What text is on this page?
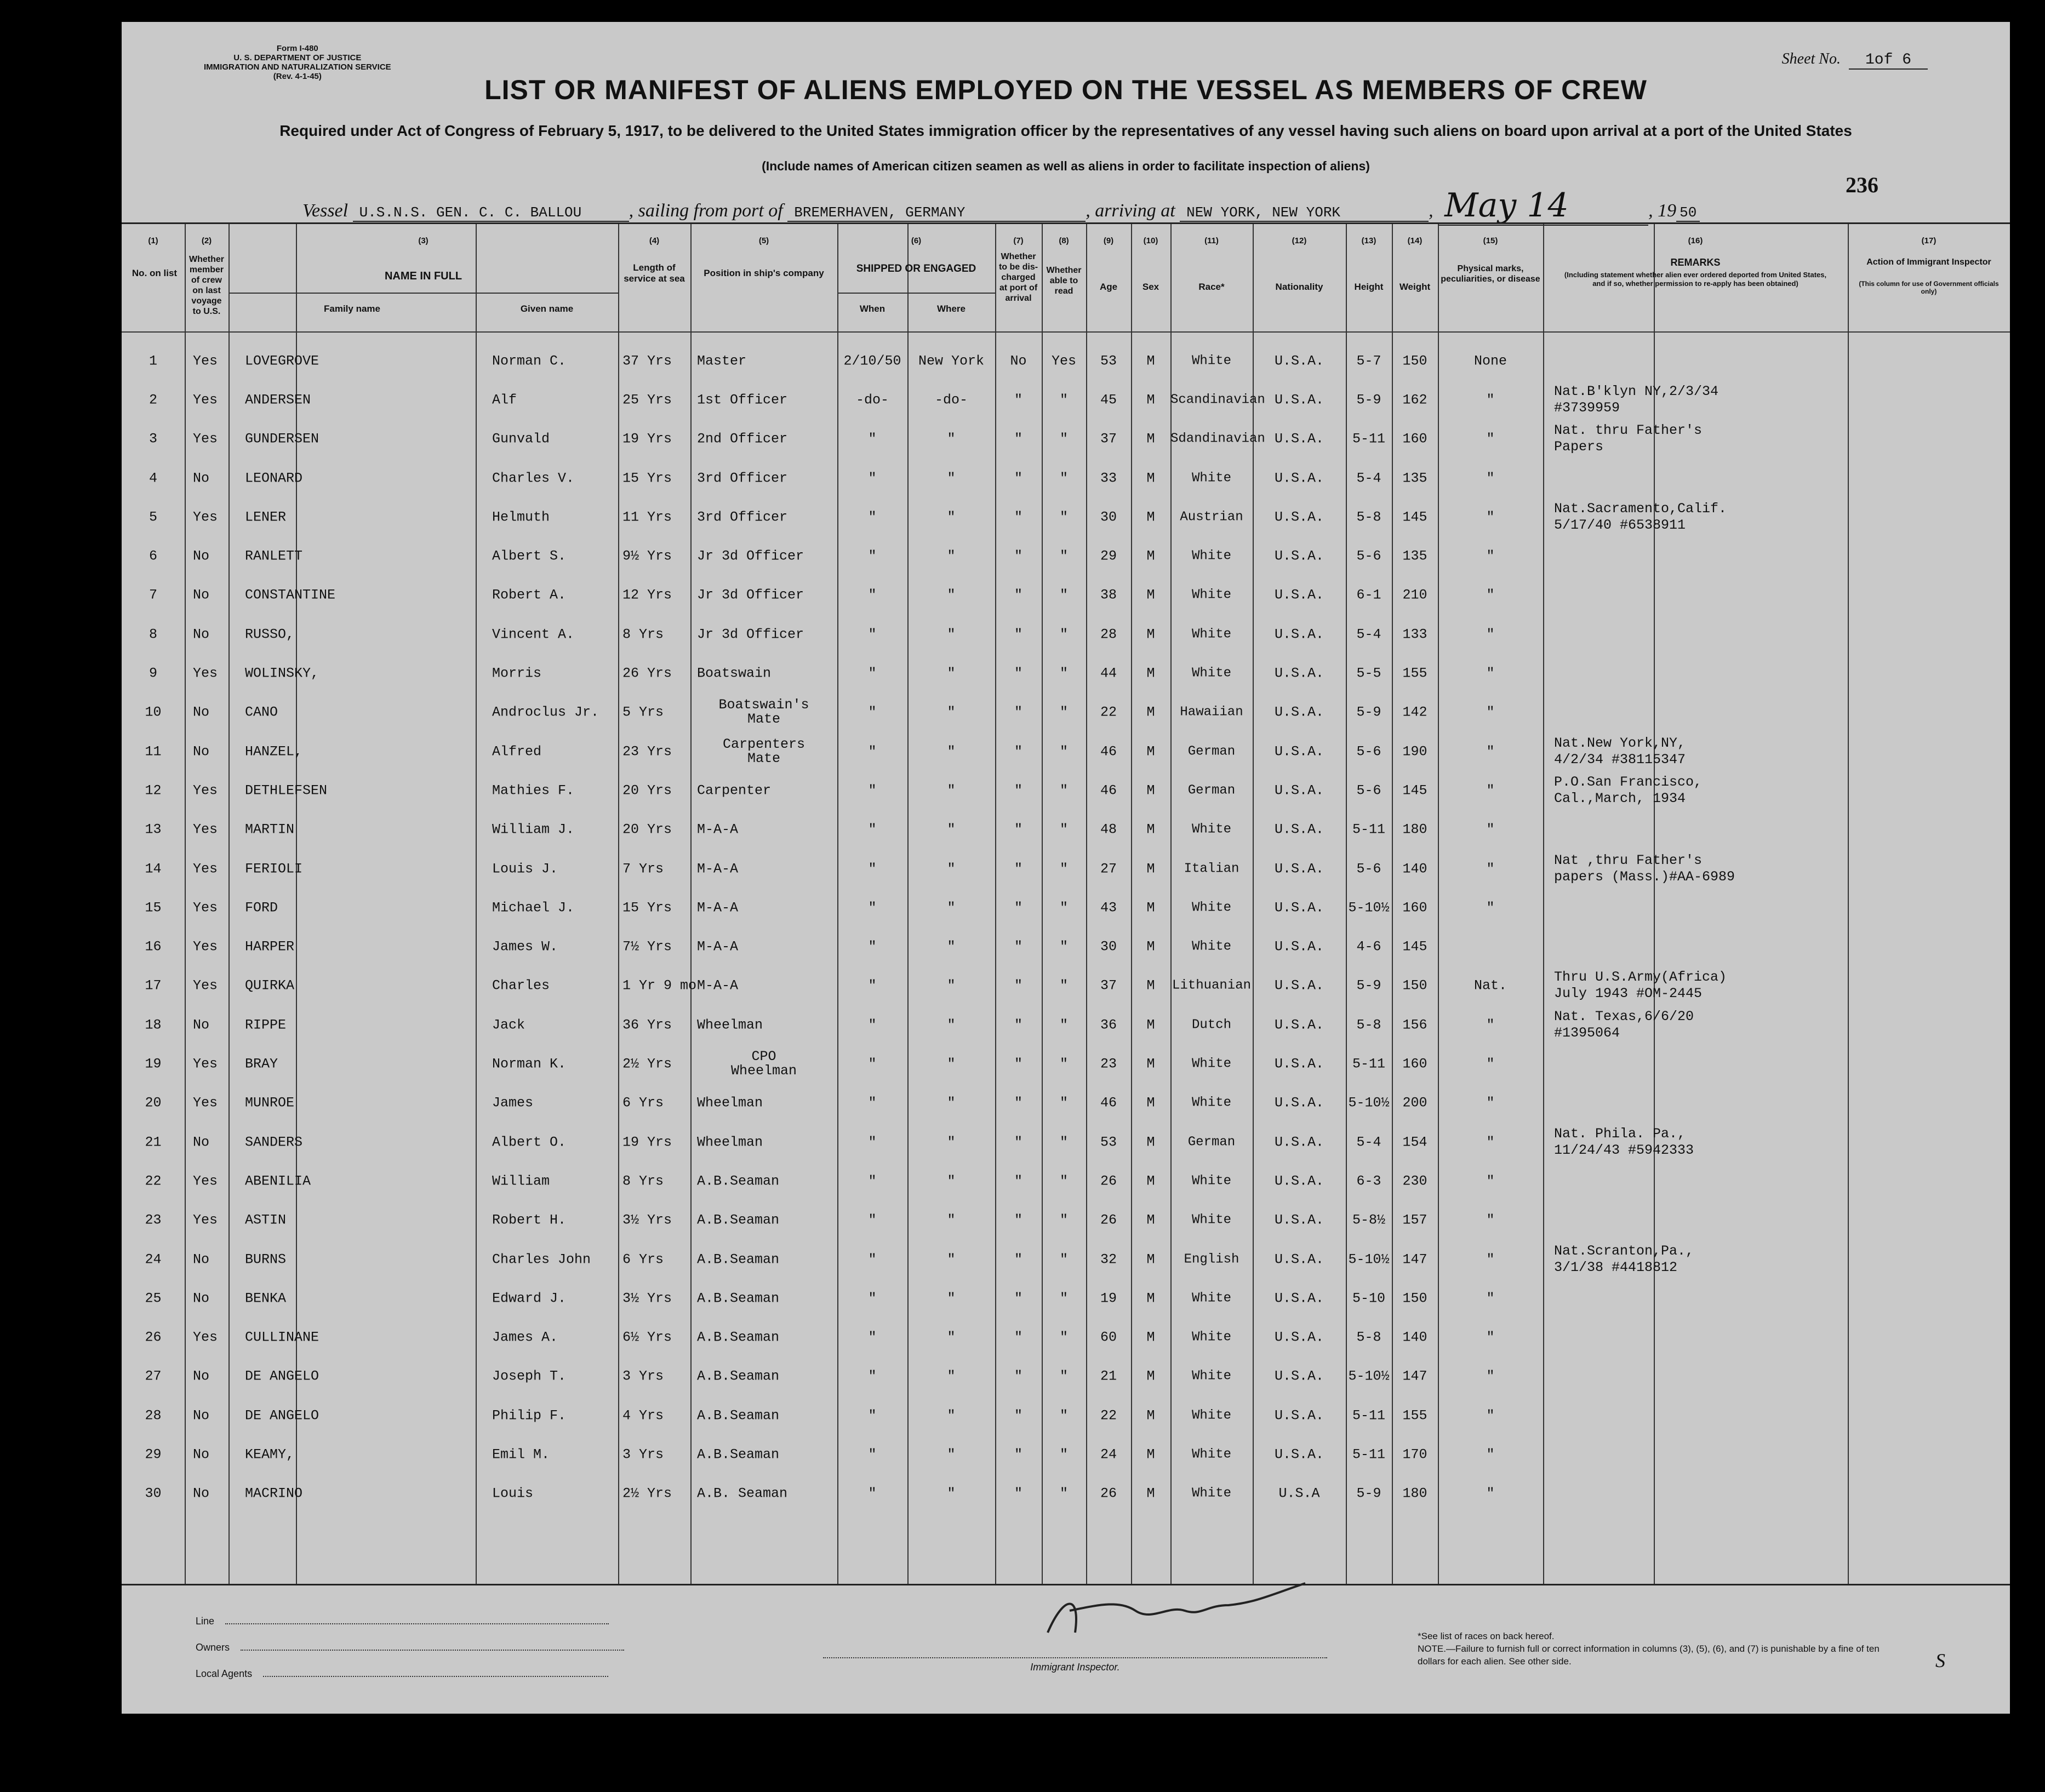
Form I-480
U. S. DEPARTMENT OF JUSTICE
IMMIGRATION AND NATURALIZATION SERVICE
(Rev. 4-1-45)
Sheet No. 1of 6
LIST OR MANIFEST OF ALIENS EMPLOYED ON THE VESSEL AS MEMBERS OF CREW
Required under Act of Congress of February 5, 1917, to be delivered to the United States immigration officer by the representatives of any vessel having such aliens on board upon arrival at a port of the United States
(Include names of American citizen seamen as well as aliens in order to facilitate inspection of aliens)
236
Vessel U.S.N.S. GEN. C. C. BALLOU	, sailing from port of BREMERHAVEN, GERMANY	, arriving at NEW YORK, NEW YORK	, May 14	, 19 50
(1)	(2)	(3)	(4)	(5)	(6)	(7)	(8)	(9)	(10)	(11)	(12)	(13)	(14)	(15)	(16)	(17)
No. on list
Whether member of crew on last voyage to U.S.
NAME IN FULL
Family name	Given name
Length of service at sea
Position in ship's company	SHIPPED OR ENGAGED
When	Where
Whether to be dis-charged at port of arrival
Whether able to read	Age	Sex	Race*	Nationality	Height	Weight
Physical marks, peculiarities, or disease
REMARKS
(Including statement whether alien ever ordered deported from United States, and if so, whether permission to re-apply has been obtained)
Action of Immigrant Inspector
(This column for use of Government officials only)
1	Yes LOVEGROVE	Norman C.	37 Yrs Master	2/10/50	New York	No	Yes	53	M	White	U.S.A.	5-7	150	None
2	Yes ANDERSEN	Alf	25 Yrs 1st Officer	-do-	-do-	"	"	45	M	Scandinavian U.S.A.	5-9	162	"
Nat.B'klyn NY,2/3/34
#3739959
3	Yes GUNDERSEN	Gunvald	19 Yrs 2nd Officer	"	"	"	"	37	M	Sdandinavian U.S.A.	5-11	160	"
Nat. thru Father's
Papers
4	No	LEONARD	Charles V.	15 Yrs 3rd Officer	"	"	"	"	33	M	White	U.S.A.	5-4	135	"
5	Yes LENER	Helmuth	11 Yrs 3rd Officer	"	"	"	"	30	M	Austrian	U.S.A.	5-8	145	"
Nat.Sacramento,Calif.
5/17/40 #6538911
6	No	RANLETT	Albert S.	9½ Yrs Jr 3d Officer	"	"	"	"	29	M	White	U.S.A.	5-6	135	"
7	No	CONSTANTINE	Robert A.	12 Yrs Jr 3d Officer	"	"	"	"	38	M	White	U.S.A.	6-1	210	"
8	No	RUSSO,	Vincent A.	8 Yrs Jr 3d Officer	"	"	"	"	28	M	White	U.S.A.	5-4	133	"
9	Yes WOLINSKY,	Morris	26 Yrs Boatswain	"	"	"	"	44	M	White	U.S.A.	5-5	155	"
10	No	CANO	Androclus Jr. 5 Yrs	Boatswain's
Mate	"	"	"	"	22	M	Hawaiian	U.S.A.	5-9	142	"
11	No	HANZEL,	Alfred	23 Yrs	Carpenters
Mate	"	"	"	"	46	M	German	U.S.A.	5-6	190	"
Nat.New York,NY,
4/2/34 #38115347
12	Yes DETHLEFSEN	Mathies F.	20 Yrs Carpenter	"	"	"	"	46	M	German	U.S.A.	5-6	145	"
P.O.San Francisco,
Cal.,March, 1934
13	Yes MARTIN	William J.	20 Yrs M-A-A	"	"	"	"	48	M	White	U.S.A.	5-11	180	"
14	Yes FERIOLI	Louis J.	7 Yrs M-A-A	"	"	"	"	27	M	Italian	U.S.A.	5-6	140	"
Nat ,thru Father's
papers (Mass.)#AA-6989
15	Yes FORD	Michael J.	15 Yrs M-A-A	"	"	"	"	43	M	White	U.S.A.	5-10½ 160	"
16	Yes HARPER	James W.	7½ Yrs M-A-A	"	"	"	"	30	M	White	U.S.A.	4-6	145
17	Yes QUIRKA	Charles	1 Yr 9 mo M-A-A	"	"	"	"	37	M	Lithuanian	U.S.A.	5-9	150	Nat.
Thru U.S.Army(Africa)
July 1943 #OM-2445
18	No	RIPPE	Jack	36 Yrs Wheelman	"	"	"	"	36	M	Dutch	U.S.A.	5-8	156	"
Nat. Texas,6/6/20
#1395064
19	Yes BRAY	Norman K.	2½ Yrs	CPO
Wheelman	"	"	"	"	23	M	White	U.S.A.	5-11	160	"
20	Yes MUNROE	James	6 Yrs Wheelman	"	"	"	"	46	M	White	U.S.A.	5-10½ 200	"
21	No	SANDERS	Albert O.	19 Yrs Wheelman	"	"	"	"	53	M	German	U.S.A.	5-4	154	"
Nat. Phila. Pa.,
11/24/43 #5942333
22	Yes ABENILIA	William	8 Yrs A.B.Seaman	"	"	"	"	26	M	White	U.S.A.	6-3	230	"
23	Yes ASTIN	Robert H.	3½ Yrs A.B.Seaman	"	"	"	"	26	M	White	U.S.A.	5-8½	157	"
24	No	BURNS	Charles John 6 Yrs A.B.Seaman	"	"	"	"	32	M	English	U.S.A.	5-10½ 147	"
Nat.Scranton,Pa.,
3/1/38 #4418812
25	No	BENKA	Edward J.	3½ Yrs A.B.Seaman	"	"	"	"	19	M	White	U.S.A.	5-10	150	"
26	Yes CULLINANE	James A.	6½ Yrs A.B.Seaman	"	"	"	"	60	M	White	U.S.A.	5-8	140	"
27	No	DE ANGELO	Joseph T.	3 Yrs A.B.Seaman	"	"	"	"	21	M	White	U.S.A.	5-10½ 147	"
28	No	DE ANGELO	Philip F.	4 Yrs A.B.Seaman	"	"	"	"	22	M	White	U.S.A.	5-11	155	"
29	No	KEAMY,	Emil M.	3 Yrs A.B.Seaman	"	"	"	"	24	M	White	U.S.A.	5-11	170	"
30	No	MACRINO	Louis	2½ Yrs A.B. Seaman	"	"	"	"	26	M	White	U.S.A	5-9	180	"
Line
Owners
Local Agents
Immigrant Inspector.
*See list of races on back hereof.
NOTE.—Failure to furnish full or correct information in columns (3), (5), (6), and (7) is punishable by a fine of ten dollars for each alien. See other side.	S
